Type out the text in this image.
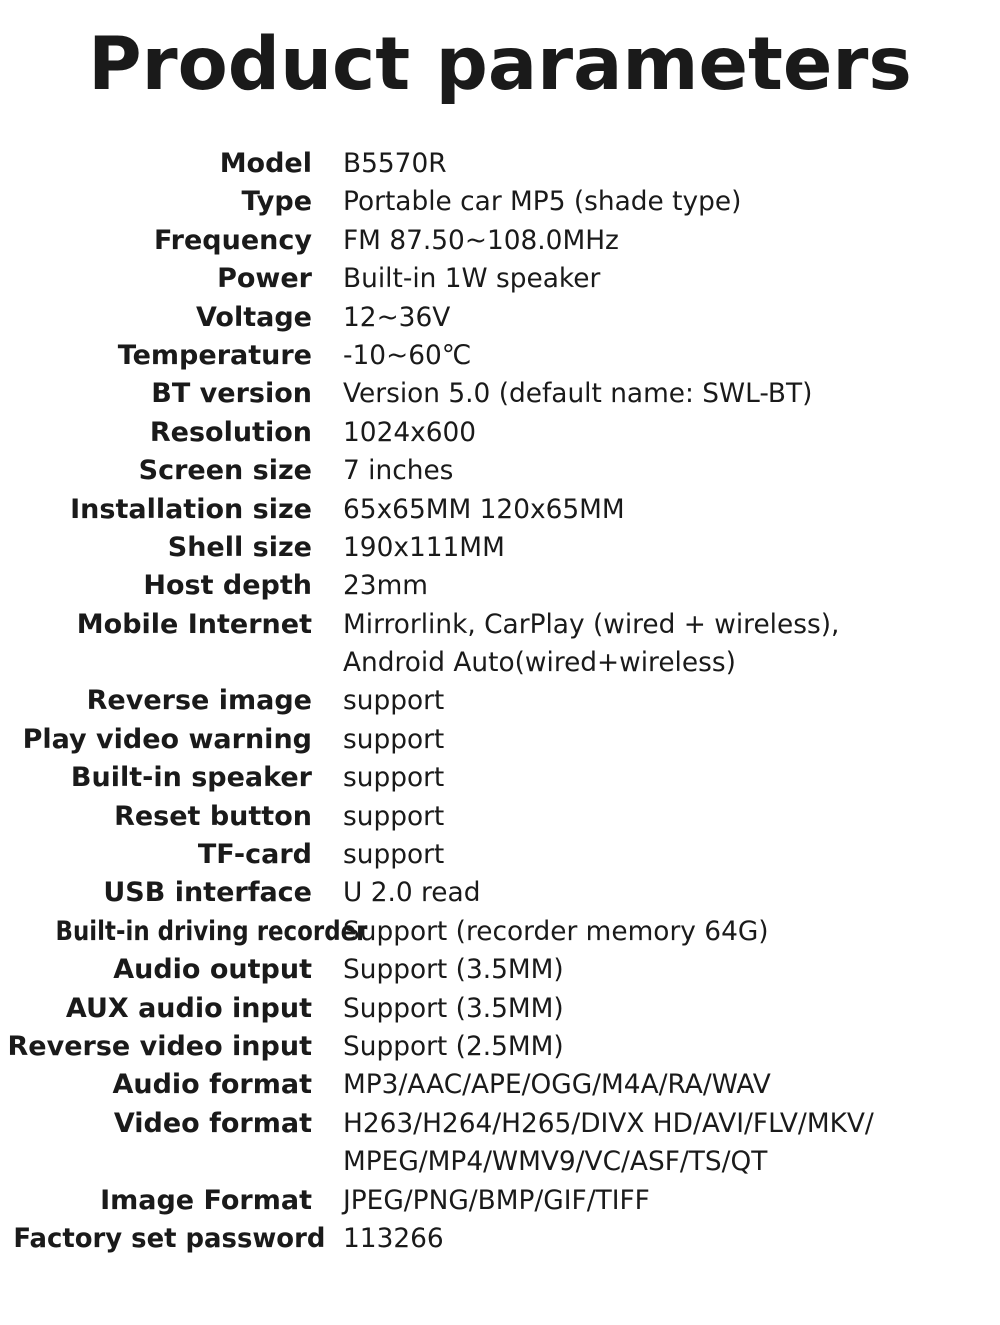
Product parameters
Model B5570R
Type Portable car MP5 (shade type)
Frequency FM 87.50~108.0MHz
Power Built-in 1W speaker
Voltage 12~36V
Temperature -10~60℃
BT version Version 5.0 (default name: SWL-BT)
Resolution 1024x600
Screen size 7 inches
Installation size 65x65MM 120x65MM
Shell size 190x111MM
Host depth 23mm
Mobile Internet Mirrorlink, CarPlay (wired + wireless),
Android Auto(wired+wireless)
Reverse image support
Play video warning support
Built-in speaker support
Reset button support
TF-card support
USB interface U 2.0 read
Built-in driving recorder
Support (recorder memory 64G)
Audio output Support (3.5MM)
AUX audio input Support (3.5MM)
Reverse video input Support (2.5MM)
Audio format MP3/AAC/APE/OGG/M4A/RA/WAV
Video format H263/H264/H265/DIVX HD/AVI/FLV/MKV/
MPEG/MP4/WMV9/VC/ASF/TS/QT
Image Format JPEG/PNG/BMP/GIF/TIFF
Factory set password 113266
